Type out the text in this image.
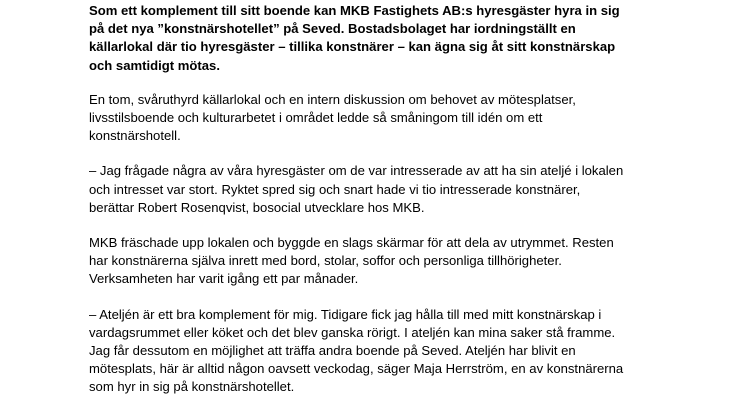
Som ett komplement till sitt boende kan MKB Fastighets AB:s hyresgäster hyra in sig
på det nya ”konstnärshotellet” på Seved. Bostadsbolaget har iordningställt en
källarlokal där tio hyresgäster – tillika konstnärer – kan ägna sig åt sitt konstnärskap
och samtidigt mötas.

En tom, svåruthyrd källarlokal och en intern diskussion om behovet av mötesplatser,
livsstilsboende och kulturarbetet i området ledde så småningom till idén om ett
konstnärshotell.

– Jag frågade några av våra hyresgäster om de var intresserade av att ha sin ateljé i lokalen
och intresset var stort. Ryktet spred sig och snart hade vi tio intresserade konstnärer,
berättar Robert Rosenqvist, bosocial utvecklare hos MKB.

MKB fräschade upp lokalen och byggde en slags skärmar för att dela av utrymmet. Resten
har konstnärerna själva inrett med bord, stolar, soffor och personliga tillhörigheter.
Verksamheten har varit igång ett par månader.

– Ateljén är ett bra komplement för mig. Tidigare fick jag hålla till med mitt konstnärskap i
vardagsrummet eller köket och det blev ganska rörigt. I ateljén kan mina saker stå framme.
Jag får dessutom en möjlighet att träffa andra boende på Seved. Ateljén har blivit en
mötesplats, här är alltid någon oavsett veckodag, säger Maja Herrström, en av konstnärerna
som hyr in sig på konstnärshotellet.
